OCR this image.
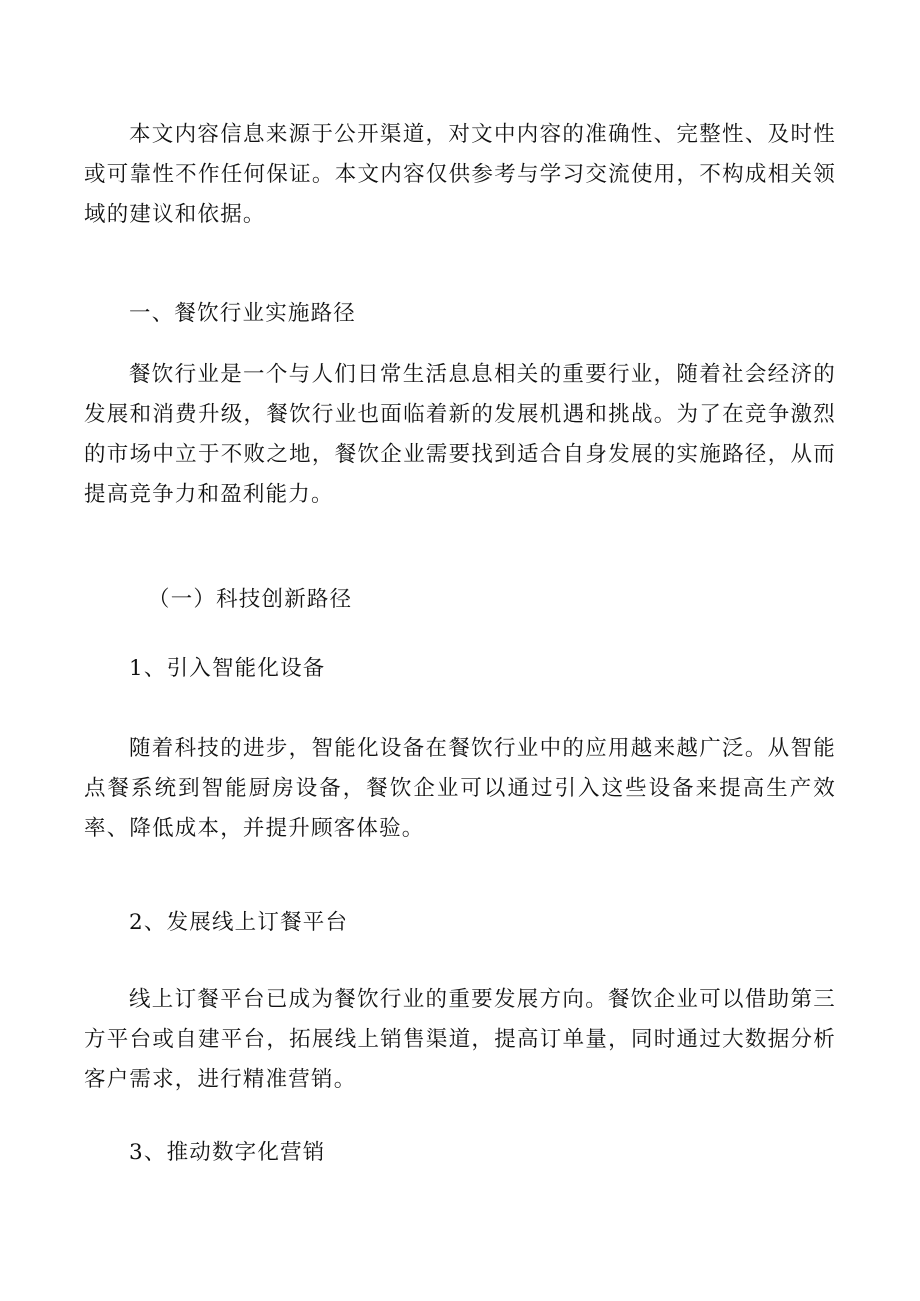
本文内容信息来源于公开渠道，对文中内容的准确性、完整性、及时性或可靠性不作任何保证。本文内容仅供参考与学习交流使用，不构成相关领域的建议和依据。

一、餐饮行业实施路径

餐饮行业是一个与人们日常生活息息相关的重要行业，随着社会经济的发展和消费升级，餐饮行业也面临着新的发展机遇和挑战。为了在竞争激烈的市场中立于不败之地，餐饮企业需要找到适合自身发展的实施路径，从而提高竞争力和盈利能力。

（一）科技创新路径

1、引入智能化设备

随着科技的进步，智能化设备在餐饮行业中的应用越来越广泛。从智能点餐系统到智能厨房设备，餐饮企业可以通过引入这些设备来提高生产效率、降低成本，并提升顾客体验。

2、发展线上订餐平台

线上订餐平台已成为餐饮行业的重要发展方向。餐饮企业可以借助第三方平台或自建平台，拓展线上销售渠道，提高订单量，同时通过大数据分析客户需求，进行精准营销。

3、推动数字化营销
